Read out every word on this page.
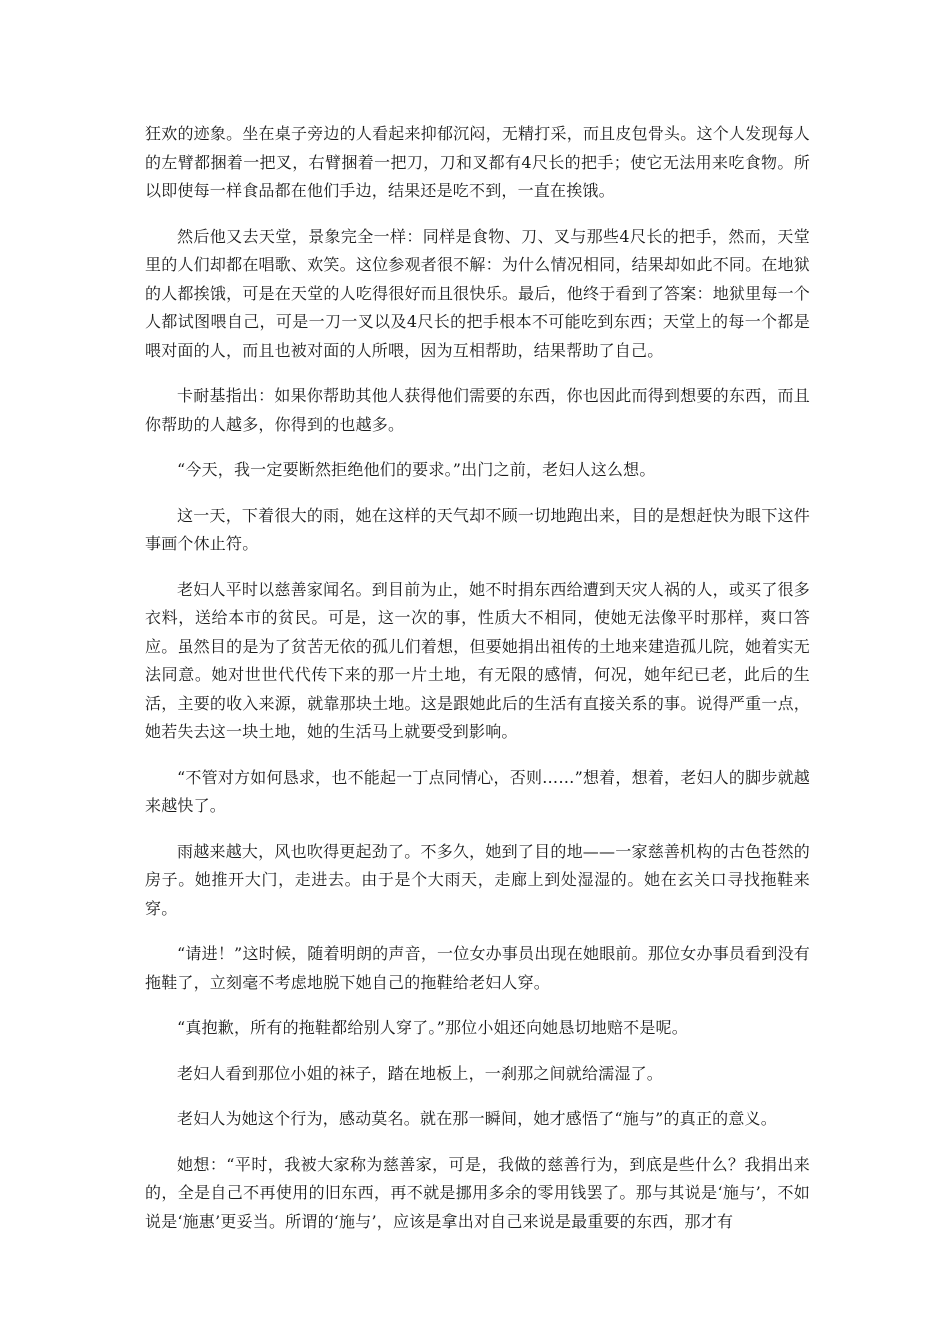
狂欢的迹象。坐在桌子旁边的人看起来抑郁沉闷，无精打采，而且皮包骨头。这个人发现每人的左臂都捆着一把叉，右臂捆着一把刀，刀和叉都有4尺长的把手；使它无法用来吃食物。所以即使每一样食品都在他们手边，结果还是吃不到，一直在挨饿。

然后他又去天堂，景象完全一样：同样是食物、刀、叉与那些4尺长的把手，然而，天堂里的人们却都在唱歌、欢笑。这位参观者很不解：为什么情况相同，结果却如此不同。在地狱的人都挨饿，可是在天堂的人吃得很好而且很快乐。最后，他终于看到了答案：地狱里每一个人都试图喂自己，可是一刀一叉以及4尺长的把手根本不可能吃到东西；天堂上的每一个都是喂对面的人，而且也被对面的人所喂，因为互相帮助，结果帮助了自己。

卡耐基指出：如果你帮助其他人获得他们需要的东西，你也因此而得到想要的东西，而且你帮助的人越多，你得到的也越多。

“今天，我一定要断然拒绝他们的要求。”出门之前，老妇人这么想。

这一天，下着很大的雨，她在这样的天气却不顾一切地跑出来，目的是想赶快为眼下这件事画个休止符。

老妇人平时以慈善家闻名。到目前为止，她不时捐东西给遭到天灾人祸的人，或买了很多衣料，送给本市的贫民。可是，这一次的事，性质大不相同，使她无法像平时那样，爽口答应。虽然目的是为了贫苦无依的孤儿们着想，但要她捐出祖传的土地来建造孤儿院，她着实无法同意。她对世世代代传下来的那一片土地，有无限的感情，何况，她年纪已老，此后的生活，主要的收入来源，就靠那块土地。这是跟她此后的生活有直接关系的事。说得严重一点，她若失去这一块土地，她的生活马上就要受到影响。

“不管对方如何恳求，也不能起一丁点同情心，否则……”想着，想着，老妇人的脚步就越来越快了。

雨越来越大，风也吹得更起劲了。不多久，她到了目的地——一家慈善机构的古色苍然的房子。她推开大门，走进去。由于是个大雨天，走廊上到处湿湿的。她在玄关口寻找拖鞋来穿。

“请进！”这时候，随着明朗的声音，一位女办事员出现在她眼前。那位女办事员看到没有拖鞋了，立刻毫不考虑地脱下她自己的拖鞋给老妇人穿。

“真抱歉，所有的拖鞋都给别人穿了。”那位小姐还向她恳切地赔不是呢。

老妇人看到那位小姐的袜子，踏在地板上，一刹那之间就给濡湿了。

老妇人为她这个行为，感动莫名。就在那一瞬间，她才感悟了“施与”的真正的意义。

她想：“平时，我被大家称为慈善家，可是，我做的慈善行为，到底是些什么？我捐出来的，全是自己不再使用的旧东西，再不就是挪用多余的零用钱罢了。那与其说是‘施与’，不如说是‘施惠’更妥当。所谓的‘施与’，应该是拿出对自己来说是最重要的东西，那才有
